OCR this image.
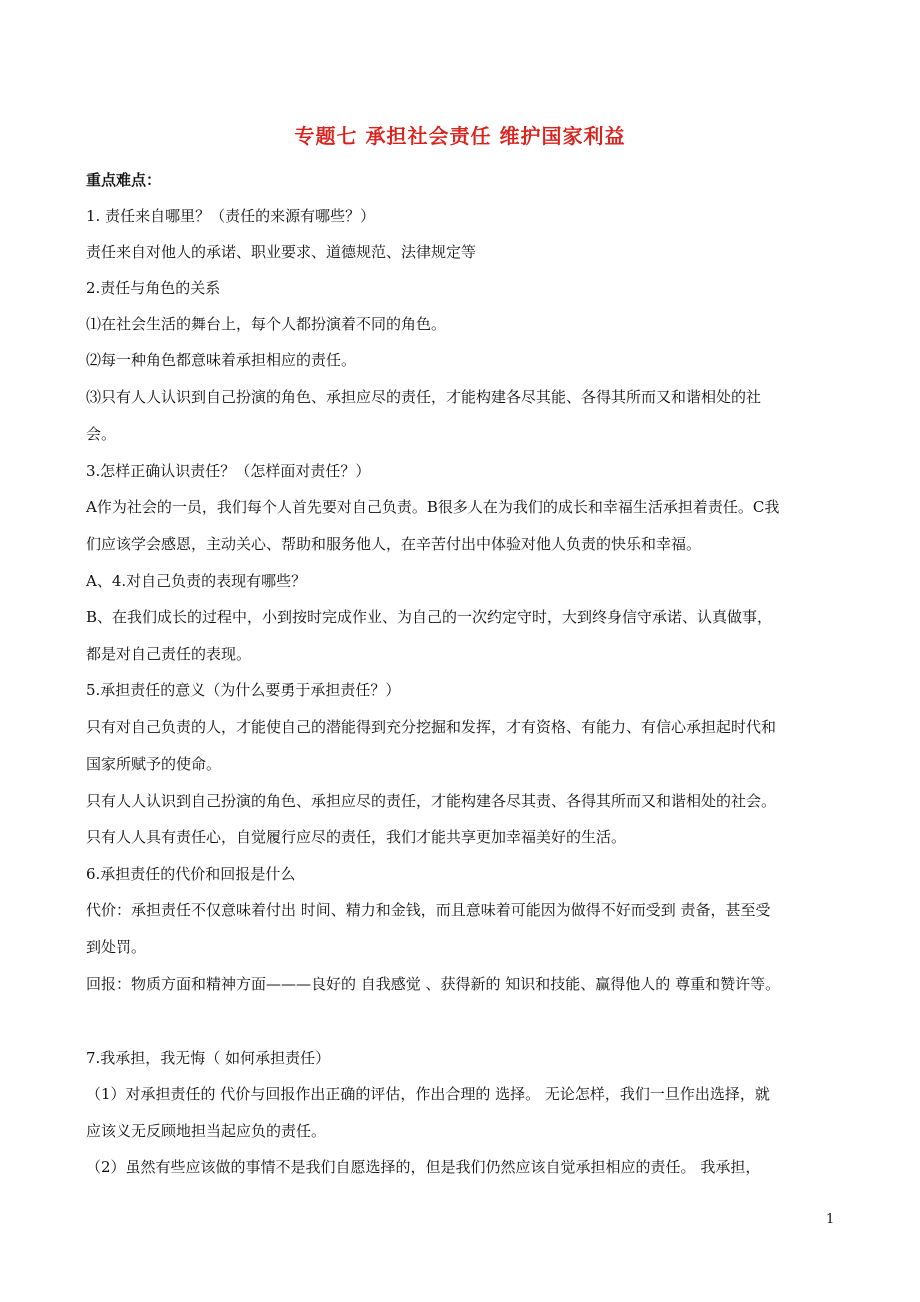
专题七 承担社会责任 维护国家利益
重点难点：
1. 责任来自哪里？（责任的来源有哪些？）
责任来自对他人的承诺、职业要求、道德规范、法律规定等
2.责任与角色的关系
⑴在社会生活的舞台上，每个人都扮演着不同的角色。
⑵每一种角色都意味着承担相应的责任。
⑶只有人人认识到自己扮演的角色、承担应尽的责任，才能构建各尽其能、各得其所而又和谐相处的社
会。
3.怎样正确认识责任？（怎样面对责任？）
A作为社会的一员，我们每个人首先要对自己负责。B很多人在为我们的成长和幸福生活承担着责任。C我
们应该学会感恩，主动关心、帮助和服务他人，在辛苦付出中体验对他人负责的快乐和幸福。
A、4.对自己负责的表现有哪些？
B、在我们成长的过程中，小到按时完成作业、为自己的一次约定守时，大到终身信守承诺、认真做事，
都是对自己责任的表现。
5.承担责任的意义（为什么要勇于承担责任？）
只有对自己负责的人，才能使自己的潜能得到充分挖掘和发挥，才有资格、有能力、有信心承担起时代和
国家所赋予的使命。
只有人人认识到自己扮演的角色、承担应尽的责任，才能构建各尽其责、各得其所而又和谐相处的社会。
只有人人具有责任心，自觉履行应尽的责任，我们才能共享更加幸福美好的生活。
6.承担责任的代价和回报是什么
代价：承担责任不仅意味着付出 时间、精力和金钱，而且意味着可能因为做得不好而受到 责备，甚至受
到处罚。
回报：物质方面和精神方面———良好的 自我感觉 、获得新的 知识和技能、赢得他人的 尊重和赞许等。
7.我承担，我无悔（ 如何承担责任）
（1）对承担责任的 代价与回报作出正确的评估，作出合理的 选择。 无论怎样，我们一旦作出选择，就
应该义无反顾地担当起应负的责任。
（2）虽然有些应该做的事情不是我们自愿选择的，但是我们仍然应该自觉承担相应的责任。 我承担，
1
